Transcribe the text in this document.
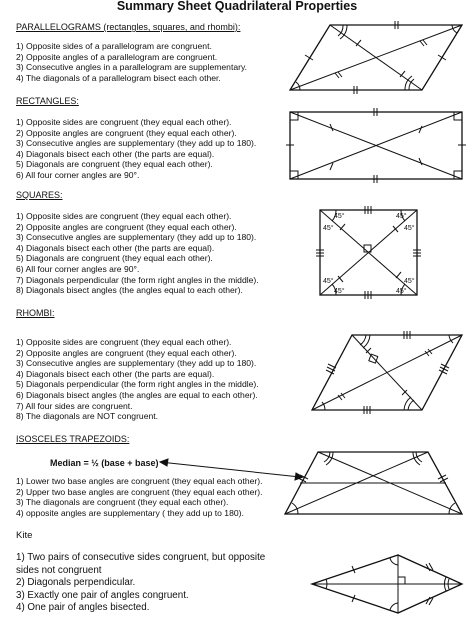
Summary Sheet Quadrilateral Properties
PARALLELOGRAMS (rectangles, squares, and rhombi):
1) Opposite sides of a parallelogram are congruent.
2) Opposite angles of a parallelogram are congruent.
3) Consecutive angles in a parallelogram are supplementary.
4) The diagonals of a parallelogram bisect each other.
RECTANGLES:
1) Opposite sides are congruent (they equal each other).
2) Opposite angles are congruent (they equal each other).
3) Consecutive angles are supplementary (they add up to 180).
4) Diagonals bisect each other (the parts are equal).
5) Diagonals are congruent (they equal each other).
6) All four corner angles are 90°.
SQUARES:
1) Opposite sides are congruent (they equal each other).
2) Opposite angles are congruent (they equal each other).
3) Consecutive angles are supplementary (they add up to 180).
4) Diagonals bisect each other (the parts are equal).
5) Diagonals are congruent (they equal each other).
6) All four corner angles are 90°.
7) Diagonals perpendicular (the form right angles in the middle).
8) Diagonals bisect angles (the angles equal to each other).
RHOMBI:
1) Opposite sides are congruent (they equal each other).
2) Opposite angles are congruent (they equal each other).
3) Consecutive angles are supplementary (they add up to 180).
4) Diagonals bisect each other (the parts are equal).
5) Diagonals perpendicular (the form right angles in the middle).
6) Diagonals bisect angles (the angles are equal to each other).
7) All four sides are congruent.
8) The diagonals are NOT congruent.
ISOSCELES TRAPEZOIDS:
Median = ½ (base + base)
1) Lower two base angles are congruent (they equal each other).
2) Upper two base angles are congruent (they equal each other).
3) The diagonals are congruent (they equal each other).
4) opposite angles are supplementary ( they add up to 180).
Kite
1) Two pairs of consecutive sides congruent, but opposite
sides not congruent
2) Diagonals perpendicular.
3) Exactly one pair of angles congruent.
4) One pair of angles bisected.
45°
45°
45°
45°
45°
45°
45°
45°
